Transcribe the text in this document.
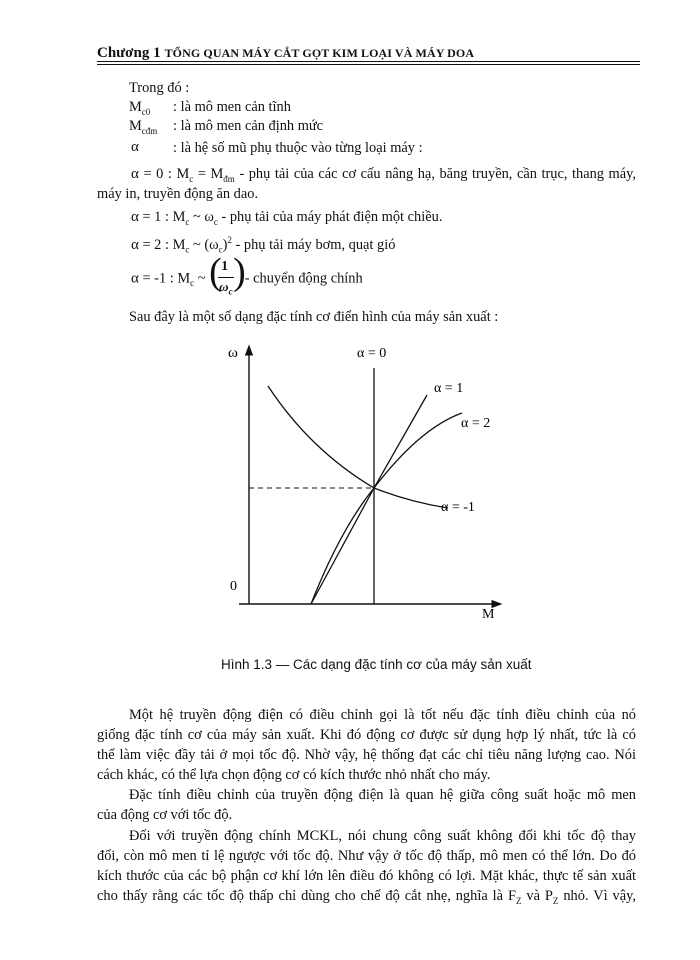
Chương 1 TỔNG QUAN MÁY CẮT GỌT KIM LOẠI VÀ MÁY DOA
Trong đó :
$M_{c0}$ : là mô men cản tĩnh
$M_{cđm}$ : là mô men cản định mức
α : là hệ số mũ phụ thuộc vào từng loại máy :
α = 0 : $M_c = M_{đm}$ - phụ tải của các cơ cấu nâng hạ, băng truyền, cần trục, thang máy,
máy in, truyền động ăn dao.
α = 1 : $M_c$ ~ $\omega_c$ - phụ tải của máy phát điện một chiều.
α = 2 : $M_c$ ~ $(\omega_c)^2$ - phụ tải máy bơm, quạt gió
α = -1 : $M_c$ ~ ( 1
$\omega_c$ )
- chuyển động chính
Sau đây là một số dạng đặc tính cơ điển hình của máy sản xuất :
ω
M
0
α = 0
α = 1
α = 2
α = -1
Hình 1.3 — Các dạng đặc tính cơ của máy sản xuất
Một hệ truyền động điện có điều chỉnh gọi là tốt nếu đặc tính điều chỉnh của nó
giống đặc tính cơ của máy sản xuất. Khi đó động cơ được sử dụng hợp lý nhất, tức là có
thể làm việc đầy tải ở mọi tốc độ. Nhờ vậy, hệ thống đạt các chỉ tiêu năng lượng cao. Nói
cách khác, có thể lựa chọn động cơ có kích thước nhỏ nhất cho máy.
Đặc tính điều chỉnh của truyền động điện là quan hệ giữa công suất hoặc mô men
của động cơ với tốc độ.
Đối với truyền động chính MCKL, nói chung công suất không đổi khi tốc độ thay
đổi, còn mô men tỉ lệ ngược với tốc độ. Như vậy ở tốc độ thấp, mô men có thể lớn. Do đó
kích thước của các bộ phận cơ khí lớn lên điều đó không có lợi. Mặt khác, thực tế sản xuất
cho thấy rằng các tốc độ thấp chỉ dùng cho chế độ cắt nhẹ, nghĩa là $F_Z$ và $P_Z$ nhỏ. Vì vậy,
